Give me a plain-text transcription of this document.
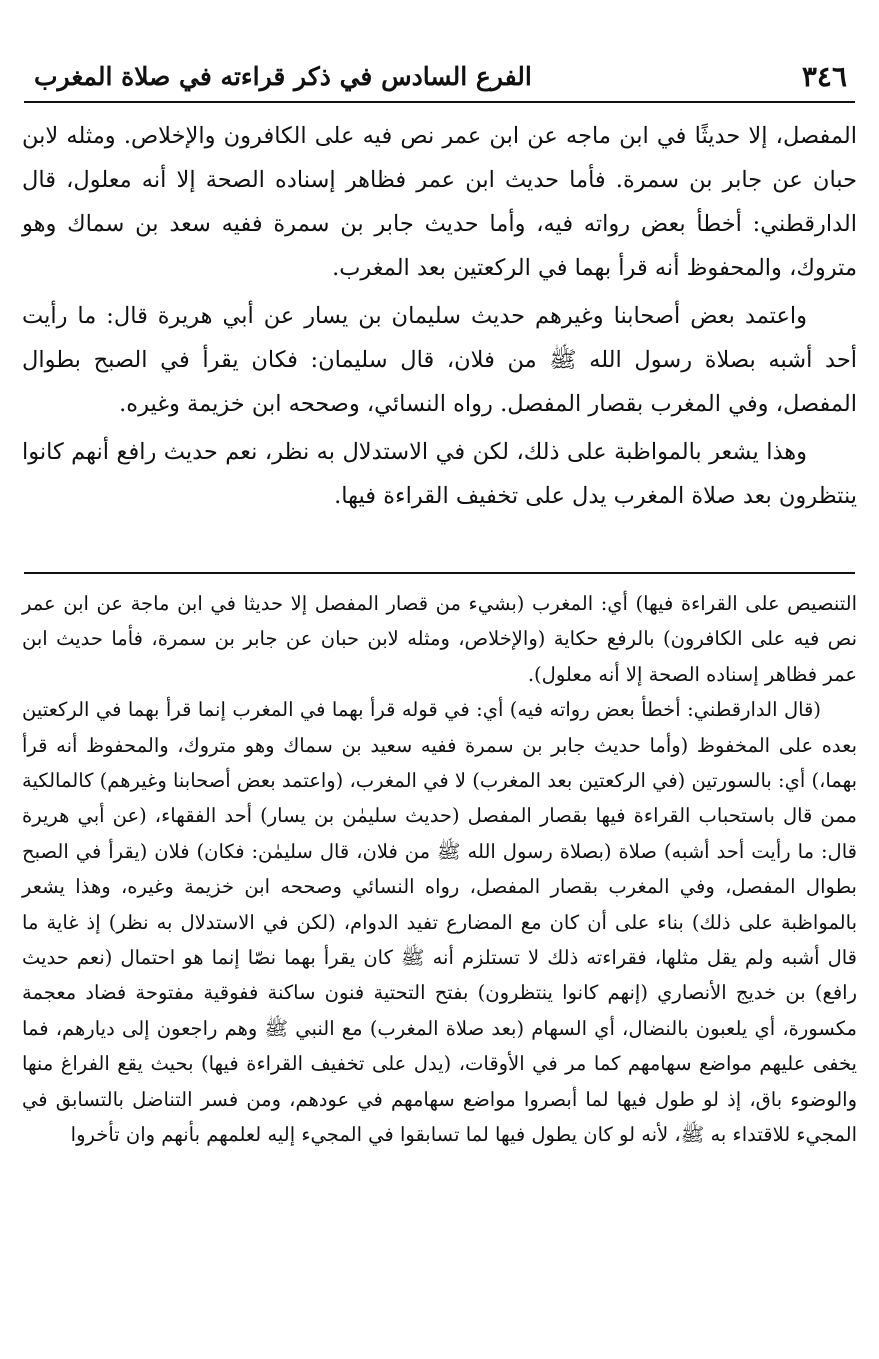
٣٤٦
الفرع السادس في ذكر قراءته في صلاة المغرب

المفصل، إلا حديثًا في ابن ماجه عن ابن عمر نص فيه على الكافرون والإخلاص. ومثله لابن حبان عن جابر بن سمرة. فأما حديث ابن عمر فظاهر إسناده الصحة إلا أنه معلول، قال الدارقطني: أخطأ بعض رواته فيه، وأما حديث جابر بن سمرة ففيه سعد بن سماك وهو متروك، والمحفوظ أنه قرأ بهما في الركعتين بعد المغرب.

واعتمد بعض أصحابنا وغيرهم حديث سليمان بن يسار عن أبي هريرة قال: ما رأيت أحد أشبه بصلاة رسول الله ﷺ من فلان، قال سليمان: فكان يقرأ في الصبح بطوال المفصل، وفي المغرب بقصار المفصل. رواه النسائي، وصححه ابن خزيمة وغيره.

وهذا يشعر بالمواظبة على ذلك، لكن في الاستدلال به نظر، نعم حديث رافع أنهم كانوا ينتظرون بعد صلاة المغرب يدل على تخفيف القراءة فيها.

التنصيص على القراءة فيها) أي: المغرب (بشيء من قصار المفصل إلا حديثا في ابن ماجة عن ابن عمر نص فيه على الكافرون) بالرفع حكاية (والإخلاص، ومثله لابن حبان عن جابر بن سمرة، فأما حديث ابن عمر فظاهر إسناده الصحة إلا أنه معلول).

(قال الدارقطني: أخطأ بعض رواته فيه) أي: في قوله قرأ بهما في المغرب إنما قرأ بهما في الركعتين بعده على المخفوظ (وأما حديث جابر بن سمرة ففيه سعيد بن سماك وهو متروك، والمحفوظ أنه قرأ بهما،) أي: بالسورتين (في الركعتين بعد المغرب) لا في المغرب، (واعتمد بعض أصحابنا وغيرهم) كالمالكية ممن قال باستحباب القراءة فيها بقصار المفصل (حديث سليمٰن بن يسار) أحد الفقهاء، (عن أبي هريرة قال: ما رأيت أحد أشبه) صلاة (بصلاة رسول الله ﷺ من فلان، قال سليمٰن: فكان) فلان (يقرأ في الصبح بطوال المفصل، وفي المغرب بقصار المفصل، رواه النسائي وصححه ابن خزيمة وغيره، وهذا يشعر بالمواظبة على ذلك) بناء على أن كان مع المضارع تفيد الدوام، (لكن في الاستدلال به نظر) إذ غاية ما قال أشبه ولم يقل مثلها، فقراءته ذلك لا تستلزم أنه ﷺ كان يقرأ بهما نصّا إنما هو احتمال (نعم حديث رافع) بن خديج الأنصاري (إنهم كانوا ينتظرون) بفتح التحتية فنون ساكنة ففوقية مفتوحة فضاد معجمة مكسورة، أي يلعبون بالنضال، أي السهام (بعد صلاة المغرب) مع النبي ﷺ وهم راجعون إلى ديارهم، فما يخفى عليهم مواضع سهامهم كما مر في الأوقات، (يدل على تخفيف القراءة فيها) بحيث يقع الفراغ منها والوضوء باق، إذ لو طول فيها لما أبصروا مواضع سهامهم في عودهم، ومن فسر التناضل بالتسابق في المجيء للاقتداء به ﷺ، لأنه لو كان يطول فيها لما تسابقوا في المجيء إليه لعلمهم بأنهم وان تأخروا
